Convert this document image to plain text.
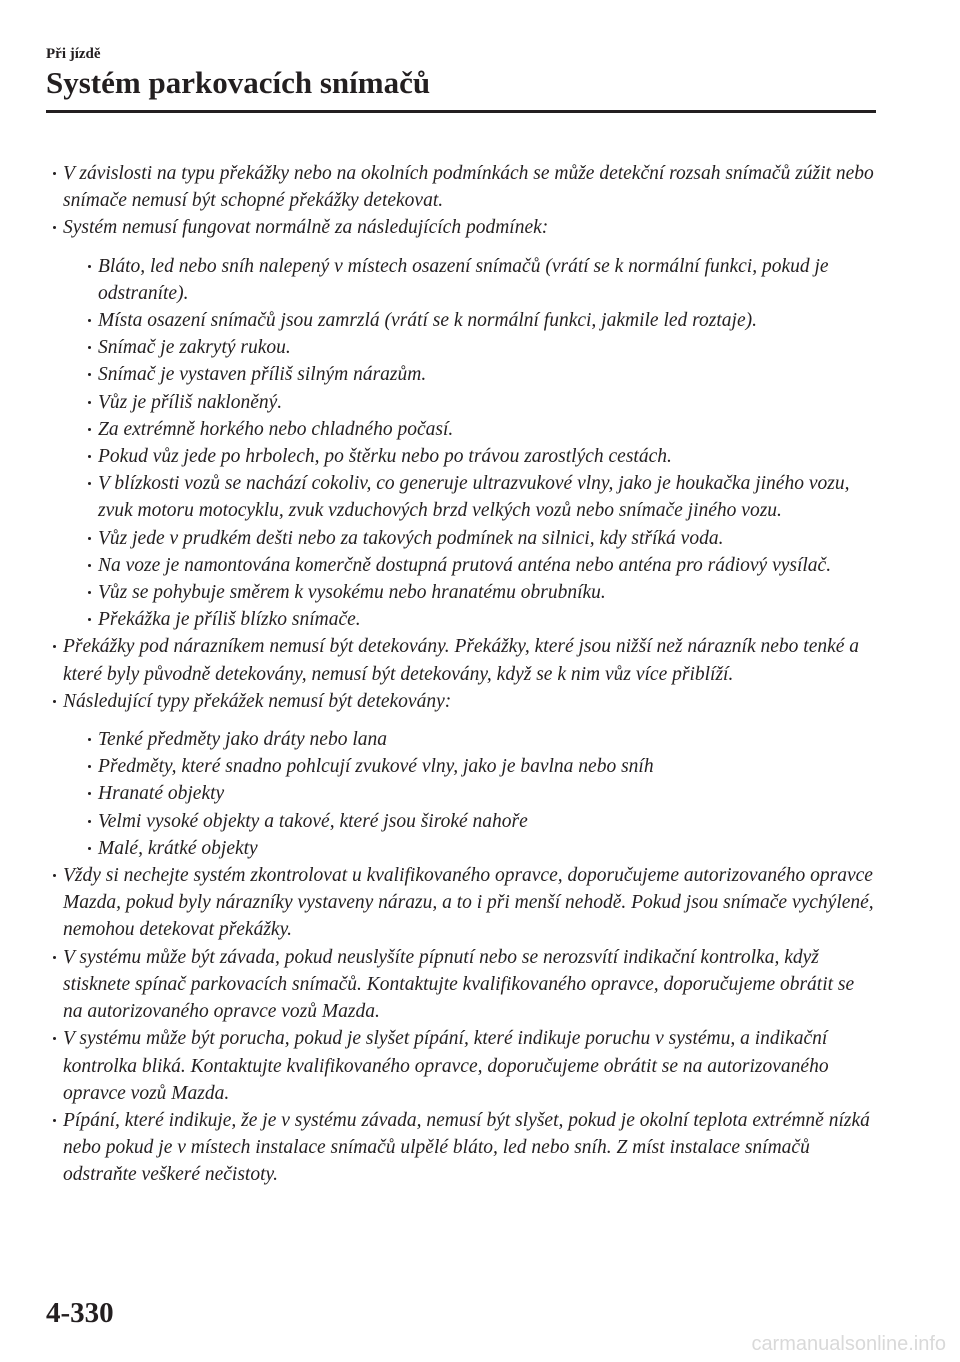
Při jízdě
Systém parkovacích snímačů
V závislosti na typu překážky nebo na okolních podmínkách se může detekční rozsah snímačů zúžit nebo snímače nemusí být schopné překážky detekovat.
Systém nemusí fungovat normálně za následujících podmínek:
Bláto, led nebo sníh nalepený v místech osazení snímačů (vrátí se k normální funkci, pokud je odstraníte).
Místa osazení snímačů jsou zamrzlá (vrátí se k normální funkci, jakmile led roztaje).
Snímač je zakrytý rukou.
Snímač je vystaven příliš silným nárazům.
Vůz je příliš nakloněný.
Za extrémně horkého nebo chladného počasí.
Pokud vůz jede po hrbolech, po štěrku nebo po trávou zarostlých cestách.
V blízkosti vozů se nachází cokoliv, co generuje ultrazvukové vlny, jako je houkačka jiného vozu, zvuk motoru motocyklu, zvuk vzduchových brzd velkých vozů nebo snímače jiného vozu.
Vůz jede v prudkém dešti nebo za takových podmínek na silnici, kdy stříká voda.
Na voze je namontována komerčně dostupná prutová anténa nebo anténa pro rádiový vysílač.
Vůz se pohybuje směrem k vysokému nebo hranatému obrubníku.
Překážka je příliš blízko snímače.
Překážky pod nárazníkem nemusí být detekovány. Překážky, které jsou nižší než nárazník nebo tenké a které byly původně detekovány, nemusí být detekovány, když se k nim vůz více přiblíží.
Následující typy překážek nemusí být detekovány:
Tenké předměty jako dráty nebo lana
Předměty, které snadno pohlcují zvukové vlny, jako je bavlna nebo sníh
Hranaté objekty
Velmi vysoké objekty a takové, které jsou široké nahoře
Malé, krátké objekty
Vždy si nechejte systém zkontrolovat u kvalifikovaného opravce, doporučujeme autorizovaného opravce Mazda, pokud byly nárazníky vystaveny nárazu, a to i při menší nehodě. Pokud jsou snímače vychýlené, nemohou detekovat překážky.
V systému může být závada, pokud neuslyšíte pípnutí nebo se nerozsvítí indikační kontrolka, když stisknete spínač parkovacích snímačů. Kontaktujte kvalifikovaného opravce, doporučujeme obrátit se na autorizovaného opravce vozů Mazda.
V systému může být porucha, pokud je slyšet pípání, které indikuje poruchu v systému, a indikační kontrolka bliká. Kontaktujte kvalifikovaného opravce, doporučujeme obrátit se na autorizovaného opravce vozů Mazda.
Pípání, které indikuje, že je v systému závada, nemusí být slyšet, pokud je okolní teplota extrémně nízká nebo pokud je v místech instalace snímačů ulpělé bláto, led nebo sníh. Z míst instalace snímačů odstraňte veškeré nečistoty.
4-330
carmanualsonline.info
